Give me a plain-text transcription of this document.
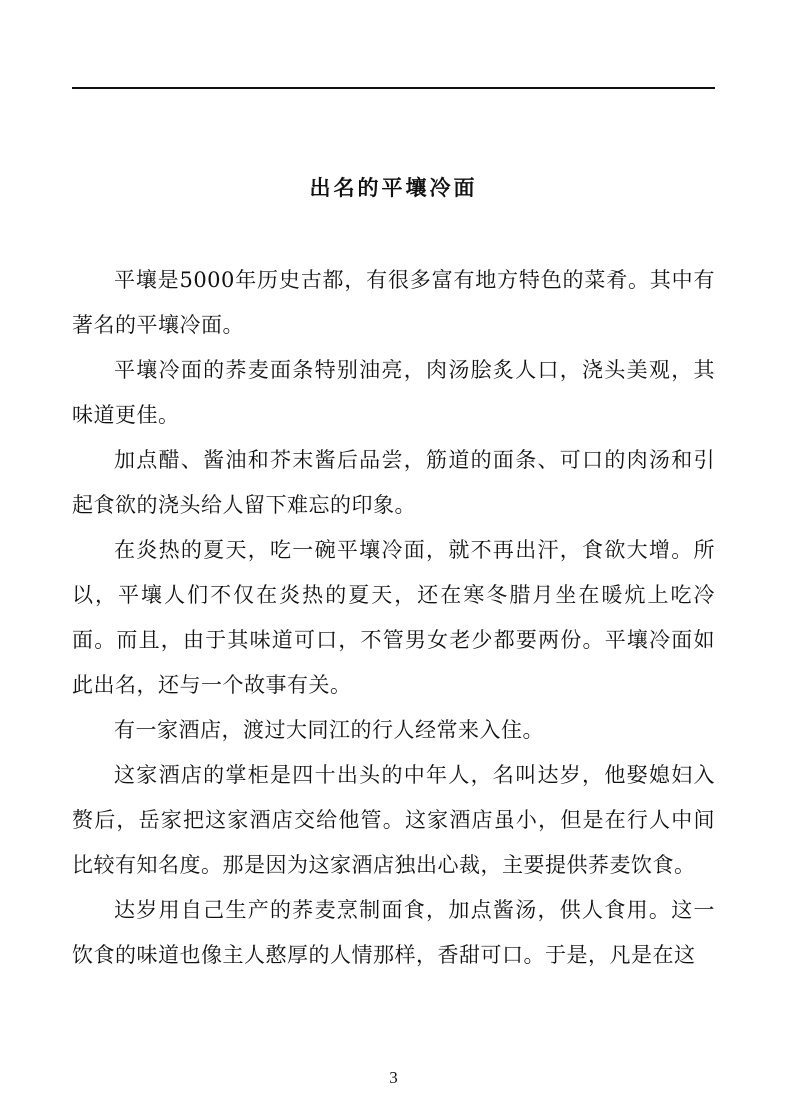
出名的平壤冷面

平壤是5000年历史古都，有很多富有地方特色的菜肴。其中有著名的平壤冷面。

平壤冷面的荞麦面条特别油亮，肉汤脍炙人口，浇头美观，其味道更佳。

加点醋、酱油和芥末酱后品尝，筋道的面条、可口的肉汤和引起食欲的浇头给人留下难忘的印象。

在炎热的夏天，吃一碗平壤冷面，就不再出汗，食欲大增。所以，平壤人们不仅在炎热的夏天，还在寒冬腊月坐在暖炕上吃冷面。而且，由于其味道可口，不管男女老少都要两份。平壤冷面如此出名，还与一个故事有关。

有一家酒店，渡过大同江的行人经常来入住。

这家酒店的掌柜是四十出头的中年人，名叫达岁，他娶媳妇入赘后，岳家把这家酒店交给他管。这家酒店虽小，但是在行人中间比较有知名度。那是因为这家酒店独出心裁，主要提供荞麦饮食。

达岁用自己生产的荞麦烹制面食，加点酱汤，供人食用。这一饮食的味道也像主人憨厚的人情那样，香甜可口。于是，凡是在这

3
